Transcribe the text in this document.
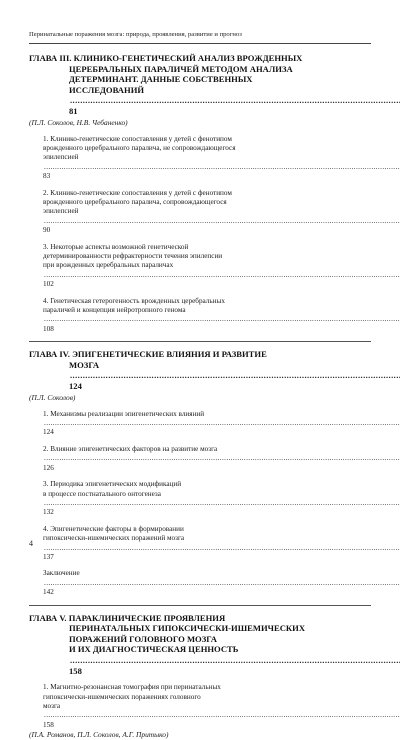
Перинатальные поражения мозга: природа, проявления, развитие и прогноз
ГЛАВА III. КЛИНИКО-ГЕНЕТИЧЕСКИЙ АНАЛИЗ ВРОЖДЕННЫХ
ЦЕРЕБРАЛЬНЫХ ПАРАЛИЧЕЙ МЕТОДОМ АНАЛИЗА
ДЕТЕРМИНАНТ. ДАННЫЕ СОБСТВЕННЫХ
ИССЛЕДОВАНИЙ ..... 81
(П.Л. Соколов, Н.В. Чебаненко)
1. Клинико-генетические сопоставления у детей с фенотипом
врожденного церебрального паралича, не сопровождающегося
эпилепсией ..... 83
2. Клинико-генетические сопоставления у детей с фенотипом
врожденного церебрального паралича, сопровождающегося
эпилепсией ..... 90
3. Некоторые аспекты возможной генетической
детерминированности рефрактерности течения эпилепсии
при врожденных церебральных параличах ..... 102
4. Генетическая гетерогенность врожденных церебральных
параличей и концепция нейротропного генома ..... 108
ГЛАВА IV. ЭПИГЕНЕТИЧЕСКИЕ ВЛИЯНИЯ И РАЗВИТИЕ
МОЗГА ..... 124
(П.Л. Соколов)
1. Механизмы реализации эпигенетических влияний ..... 124
2. Влияние эпигенетических факторов на развитие мозга ..... 126
3. Периодика эпигенетических модификаций
в процессе постнатального онтогенеза ..... 132
4. Эпигенетические факторы в формировании
гипоксически-ишемических поражений мозга ..... 137
Заключение ..... 142
ГЛАВА V. ПАРАКЛИНИЧЕСКИЕ ПРОЯВЛЕНИЯ
ПЕРИНАТАЛЬНЫХ ГИПОКСИЧЕСКИ-ИШЕМИЧЕСКИХ
ПОРАЖЕНИЙ ГОЛОВНОГО МОЗГА
И ИХ ДИАГНОСТИЧЕСКАЯ ЦЕННОСТЬ ..... 158
1. Магнитно-резонансная томография при перинатальных
гипоксически-ишемических поражениях головного
мозга ..... 158
(П.А. Романов, П.Л. Соколов, А.Г. Притыко)
4
